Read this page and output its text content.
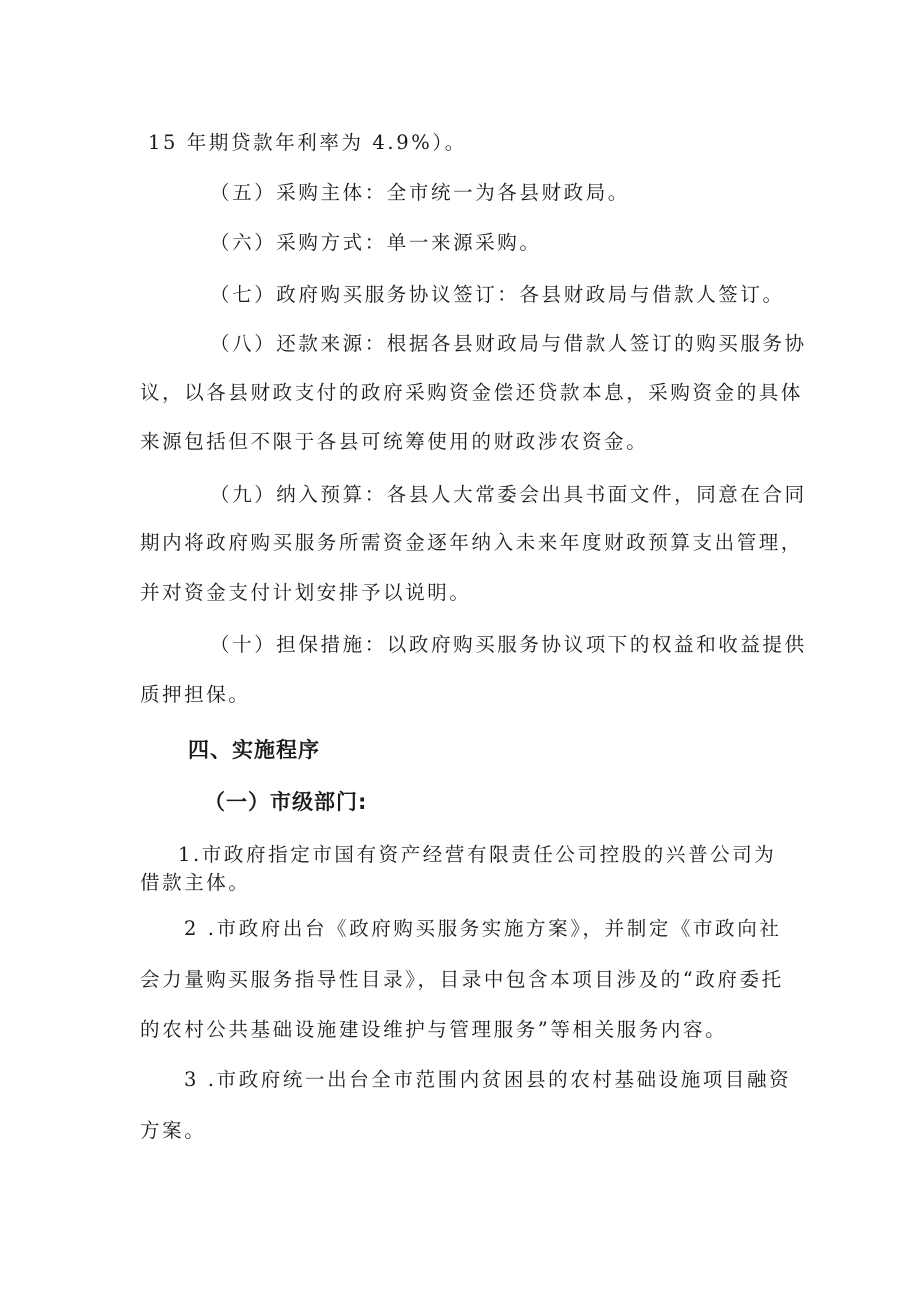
15 年期贷款年利率为 4.9%）。
（五）采购主体：全市统一为各县财政局。
（六）采购方式：单一来源采购。
（七）政府购买服务协议签订：各县财政局与借款人签订。
（八）还款来源：根据各县财政局与借款人签订的购买服务协
议，以各县财政支付的政府采购资金偿还贷款本息，采购资金的具体
来源包括但不限于各县可统筹使用的财政涉农资金。
（九）纳入预算：各县人大常委会出具书面文件，同意在合同
期内将政府购买服务所需资金逐年纳入未来年度财政预算支出管理，
并对资金支付计划安排予以说明。
（十）担保措施：以政府购买服务协议项下的权益和收益提供
质押担保。
四、实施程序
（一）市级部门:
1.市政府指定市国有资产经营有限责任公司控股的兴普公司为
借款主体。
2 .市政府出台《政府购买服务实施方案》，并制定《市政向社
会力量购买服务指导性目录》，目录中包含本项目涉及的“政府委托
的农村公共基础设施建设维护与管理服务”等相关服务内容。
3 .市政府统一出台全市范围内贫困县的农村基础设施项目融资
方案。
